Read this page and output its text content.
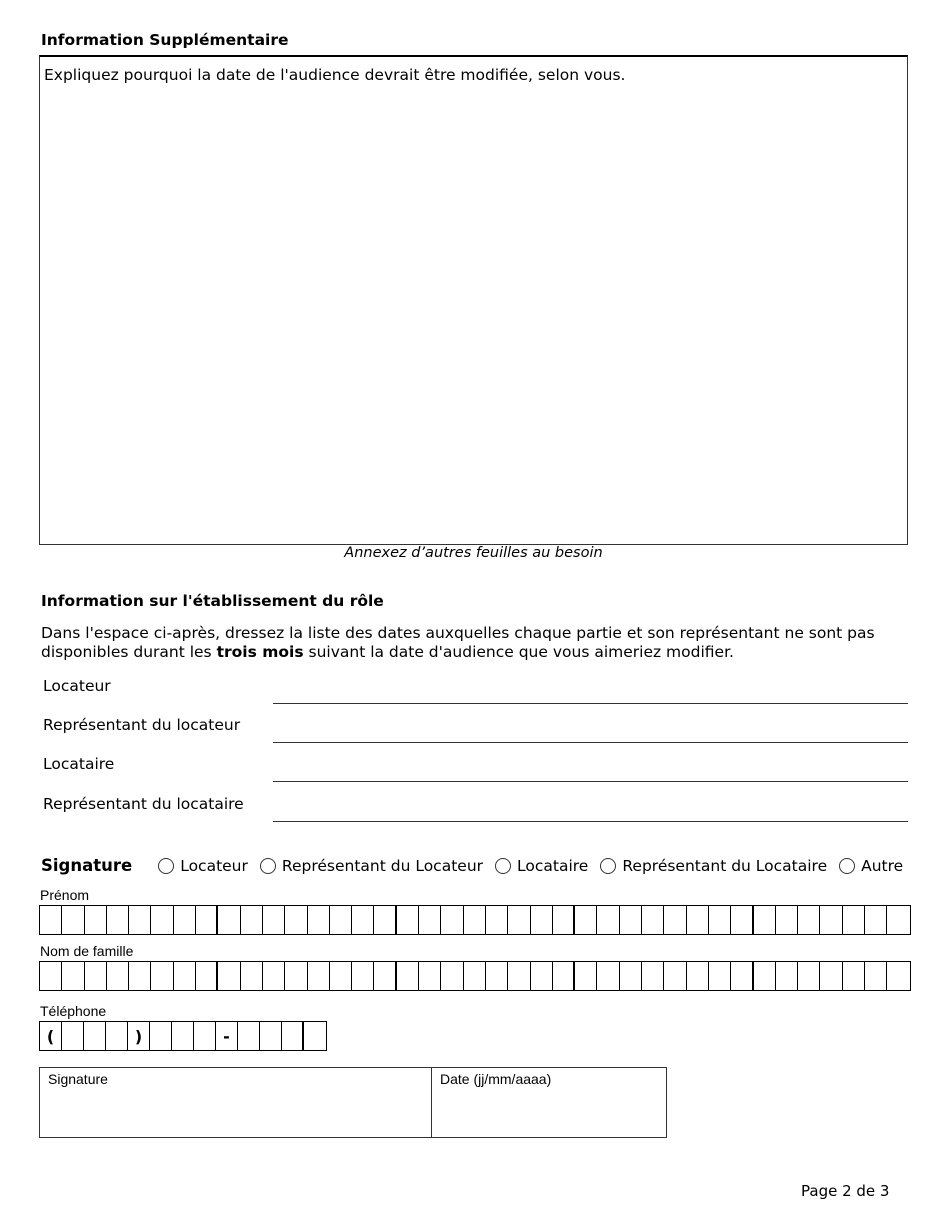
Information Supplémentaire
Expliquez pourquoi la date de l'audience devrait être modifiée, selon vous.
Annexez d’autres feuilles au besoin
Information sur l'établissement du rôle
Dans l'espace ci-après, dressez la liste des dates auxquelles chaque partie et son représentant ne sont pas disponibles durant les trois mois suivant la date d'audience que vous aimeriez modifier.
Locateur
Représentant du locateur
Locataire
Représentant du locataire
Signature	Locateur Représentant du Locateur Locataire Représentant du Locataire Autre
Prénom
Nom de famille
Téléphone
(	)	-
Signature	Date (jj/mm/aaaa)
Page 2 de 3
